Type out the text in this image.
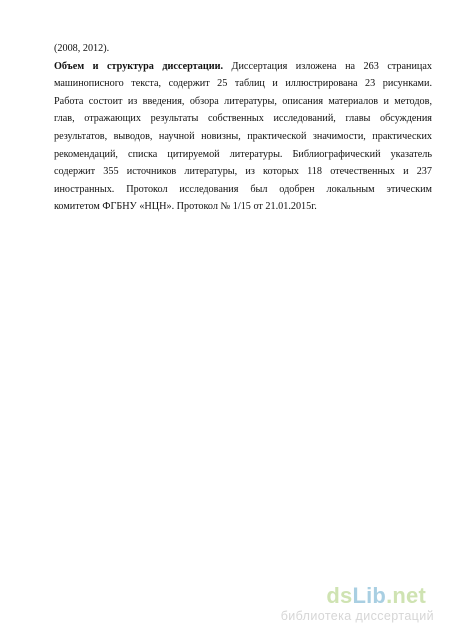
(2008, 2012).
Объем и структура диссертации. Диссертация изложена на 263 страницах
машинописного текста, содержит 25 таблиц и иллюстрирована 23 рисунками.
Работа состоит из введения, обзора литературы, описания материалов и методов,
глав, отражающих результаты собственных исследований, главы обсуждения
результатов, выводов, научной новизны, практической значимости, практических
рекомендаций, списка цитируемой литературы. Библиографический указатель
содержит 355 источников литературы, из которых 118 отечественных и 237
иностранных. Протокол исследования был одобрен локальным этическим
комитетом ФГБНУ «НЦН». Протокол № 1/15 от 21.01.2015г.
dsLib.net
библиотека диссертаций
